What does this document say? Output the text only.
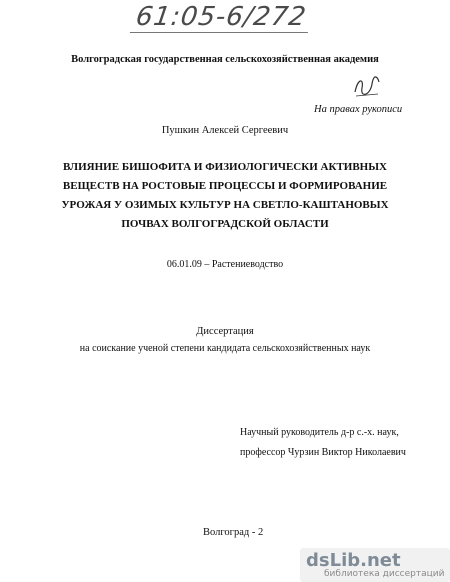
61:05-6/272
Волгоградская государственная сельскохозяйственная академия
На правах рукописи
Пушкин Алексей Сергеевич
ВЛИЯНИЕ БИШОФИТА И ФИЗИОЛОГИЧЕСКИ АКТИВНЫХ
ВЕЩЕСТВ НА РОСТОВЫЕ ПРОЦЕССЫ И ФОРМИРОВАНИЕ
УРОЖАЯ У ОЗИМЫХ КУЛЬТУР НА СВЕТЛО-КАШТАНОВЫХ
ПОЧВАХ ВОЛГОГРАДСКОЙ ОБЛАСТИ
06.01.09 – Растениеводство
Диссертация
на соискание ученой степени кандидата сельскохозяйственных наук
Научный руководитель д-р с.-х. наук,
профессор Чурзин Виктор Николаевич
Волгоград - 2
dsLib.net
библиотека диссертаций
